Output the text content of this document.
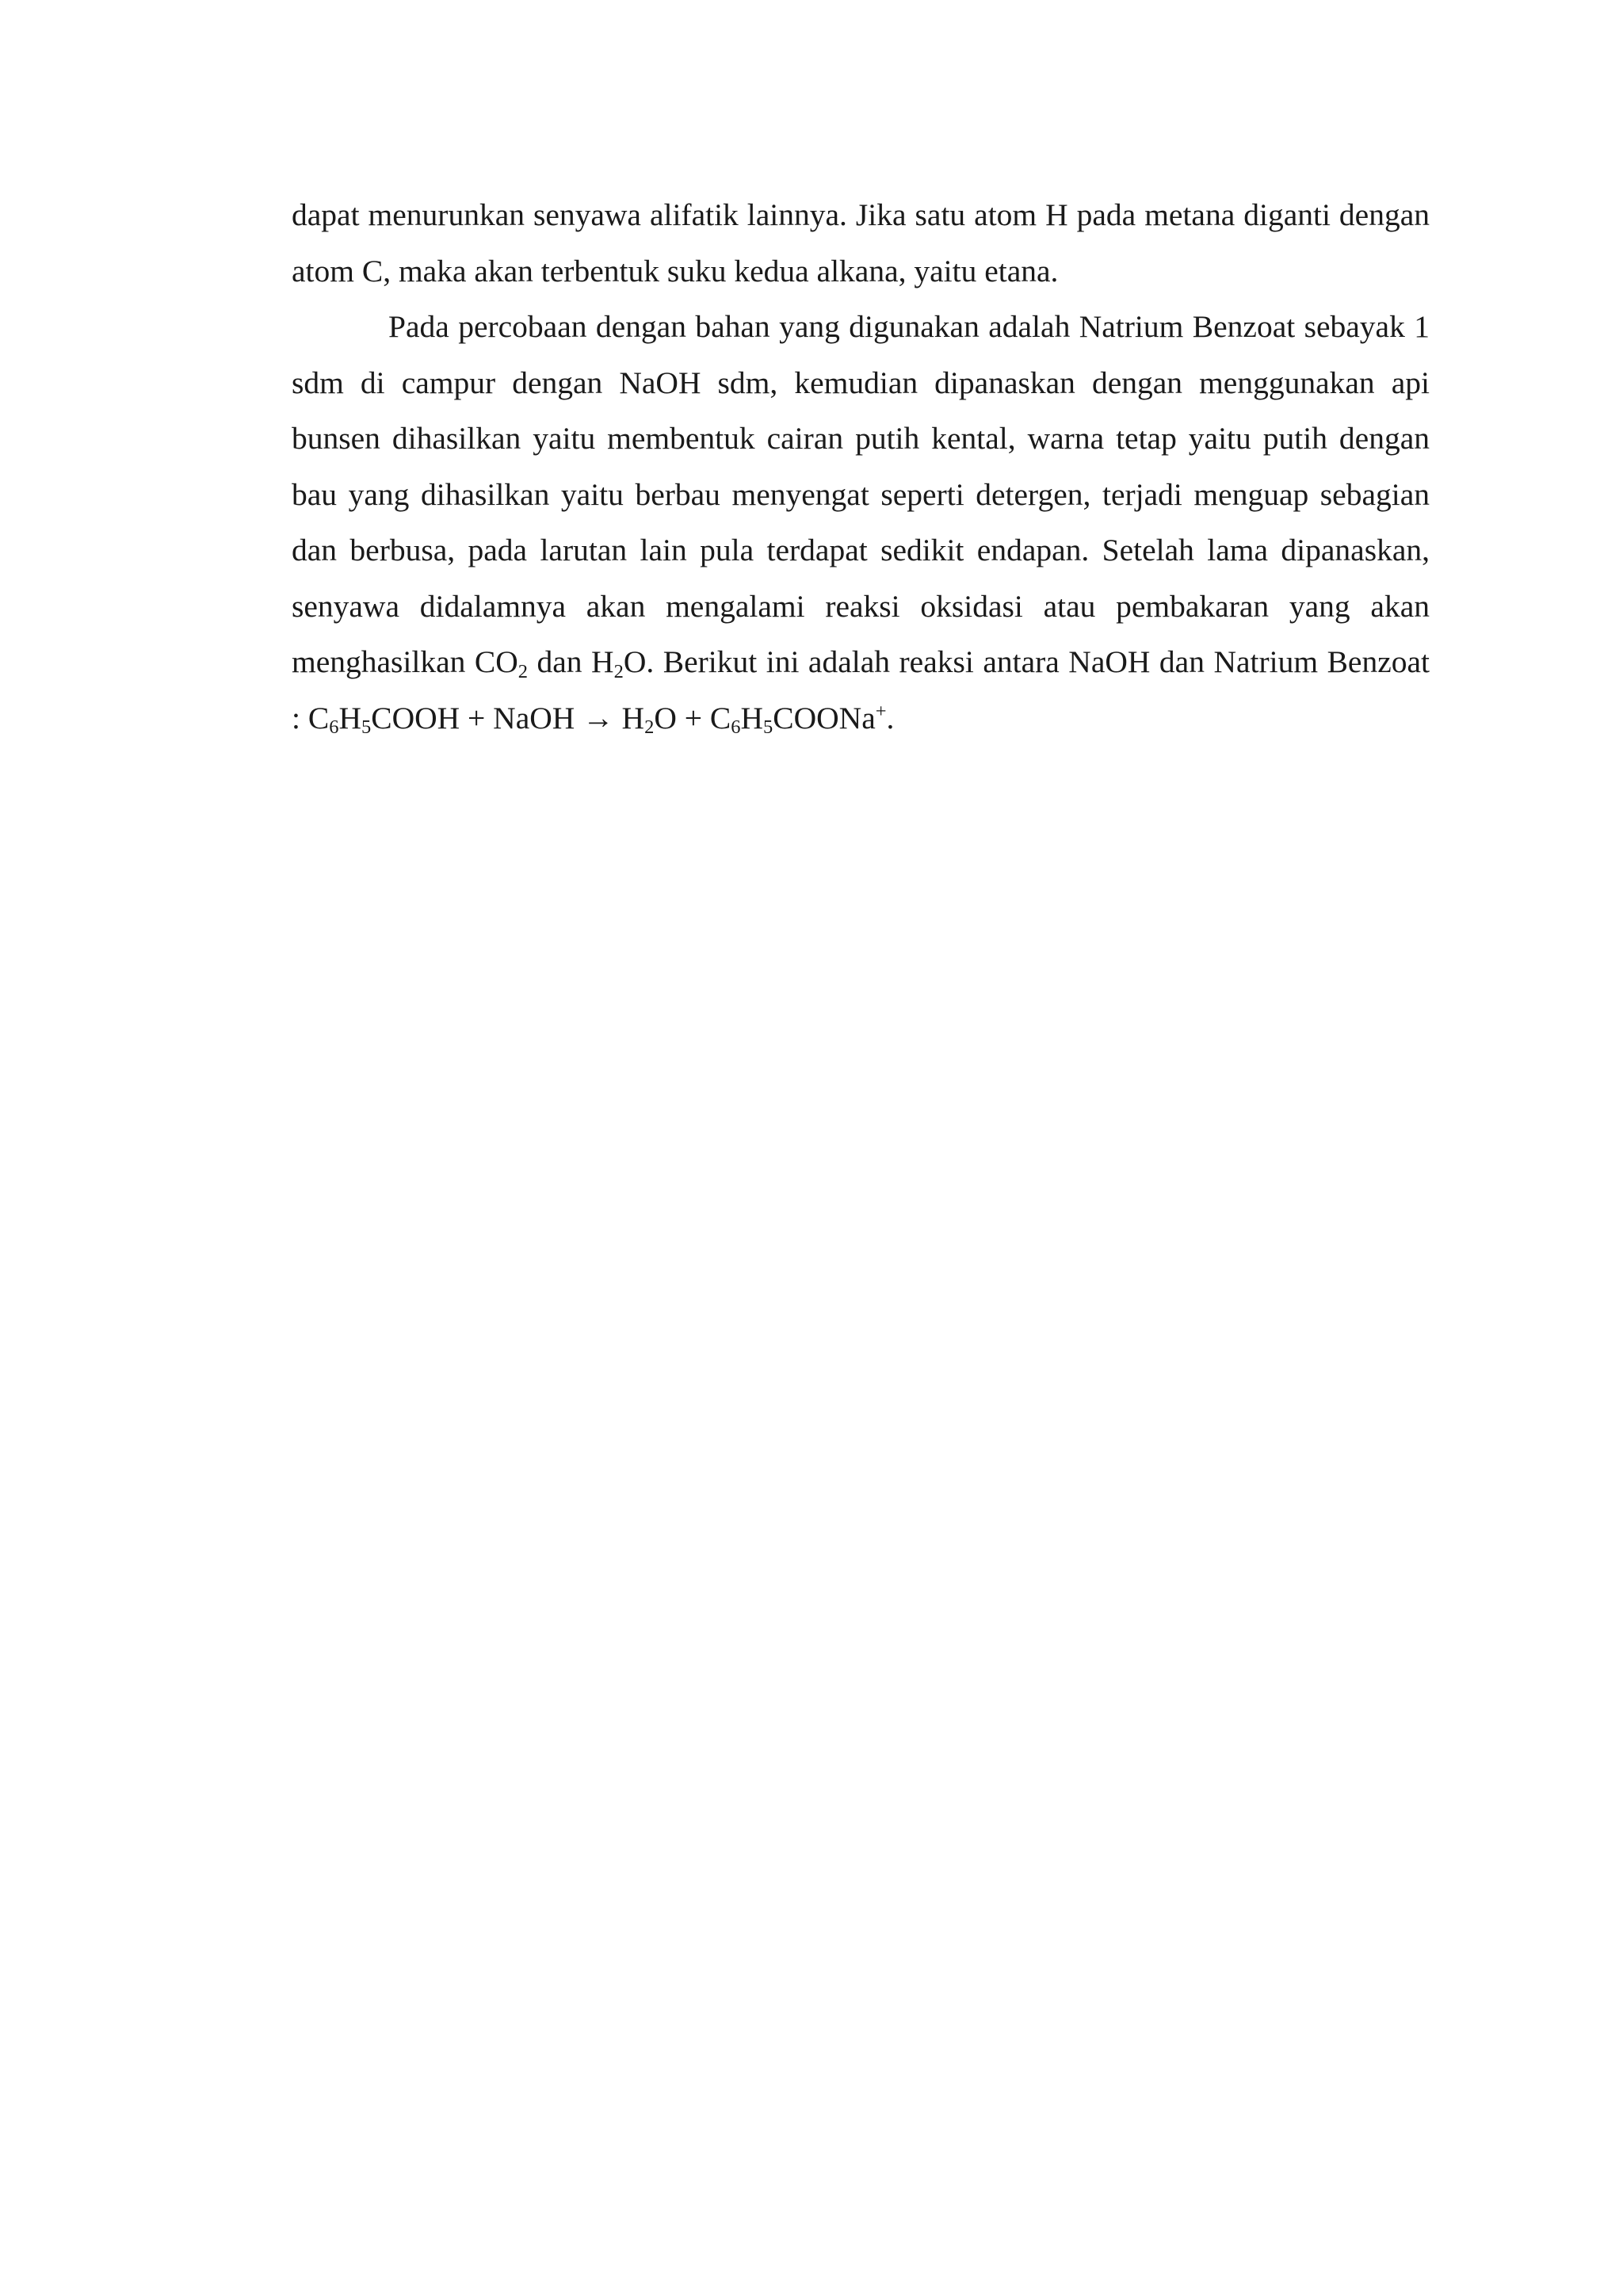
dapat menurunkan senyawa alifatik lainnya. Jika satu atom H pada metana diganti dengan atom C, maka akan terbentuk suku kedua alkana, yaitu etana.

Pada percobaan dengan bahan yang digunakan adalah Natrium Benzoat sebayak 1 sdm di campur dengan NaOH sdm, kemudian dipanaskan dengan menggunakan api bunsen dihasilkan yaitu membentuk cairan putih kental, warna tetap yaitu putih dengan bau yang dihasilkan yaitu berbau menyengat seperti detergen, terjadi menguap sebagian dan berbusa, pada larutan lain pula terdapat sedikit endapan. Setelah lama dipanaskan, senyawa didalamnya akan mengalami reaksi oksidasi atau pembakaran yang akan menghasilkan $CO_2$ dan $H_2O$. Berikut ini adalah reaksi antara NaOH dan Natrium Benzoat : $C_6H_5COOH$ + NaOH → $H_2O$ + $C_6H_5COONa^+$.
